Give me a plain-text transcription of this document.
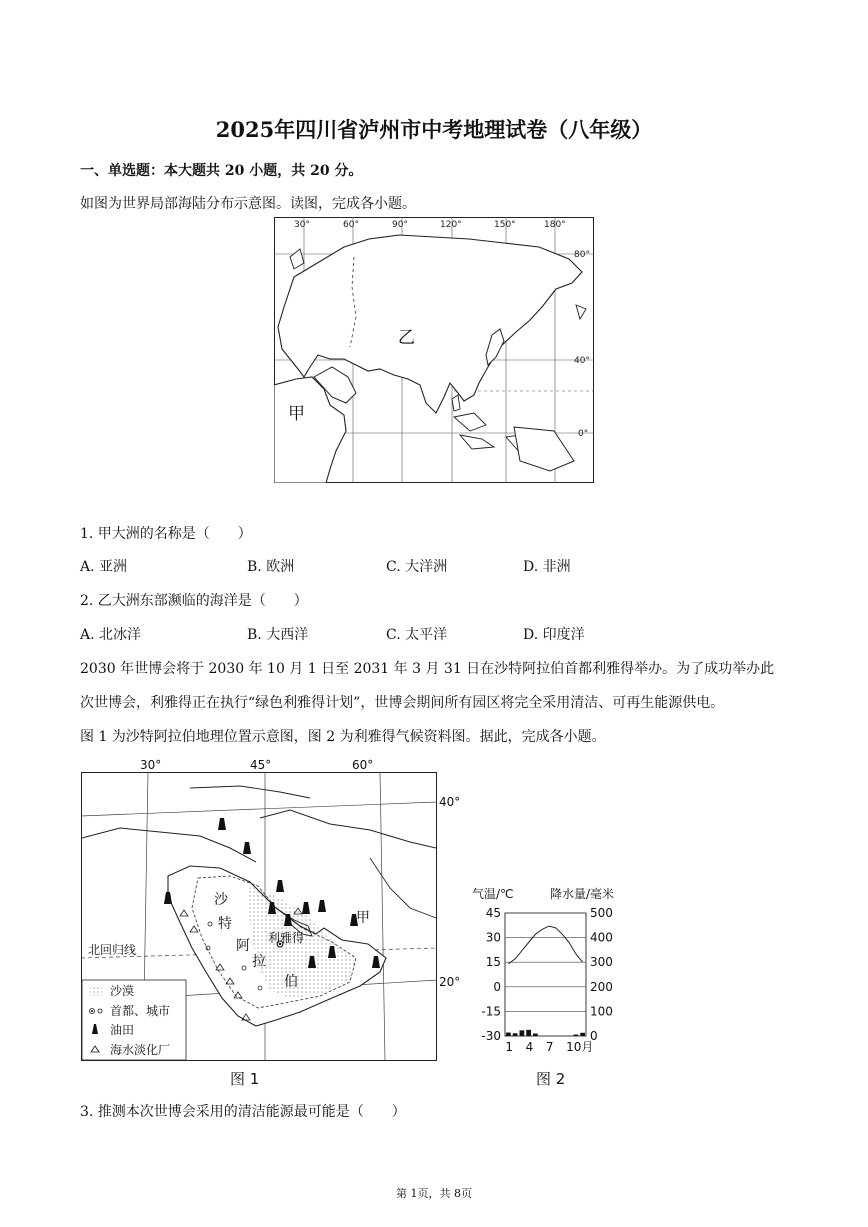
2025年四川省泸州市中考地理试卷（八年级）
一、单选题：本大题共 20 小题，共 20 分。
如图为世界局部海陆分布示意图。读图，完成各小题。
30°	60°	90°	120°	150°	180°
80°
40°
0°
甲
乙
1. 甲大洲的名称是（　　）
A. 亚洲	B. 欧洲	C. 大洋洲	D. 非洲
2. 乙大洲东部濒临的海洋是（　　）
A. 北冰洋	B. 大西洋	C. 太平洋	D. 印度洋
2030 年世博会将于 2030 年 10 月 1 日至 2031 年 3 月 31 日在沙特阿拉伯首都利雅得举办。为了成功举办此
次世博会，利雅得正在执行“绿色利雅得计划”，世博会期间所有园区将完全采用清洁、可再生能源供电。
图 1 为沙特阿拉伯地理位置示意图，图 2 为利雅得气候资料图。据此，完成各小题。
沙
特
阿
拉
伯
利雅得
甲
北回归线
30°	45°	60°
40°
20°
沙漠
首都、城市
油田
海水淡化厂
图 1
气温/℃	降水量/毫米
45
30
15
0
-15
-30
500
400
300
200
100
0
1 4 7 10月
图 2
3. 推测本次世博会采用的清洁能源最可能是（　　）
第 1页，共 8页
